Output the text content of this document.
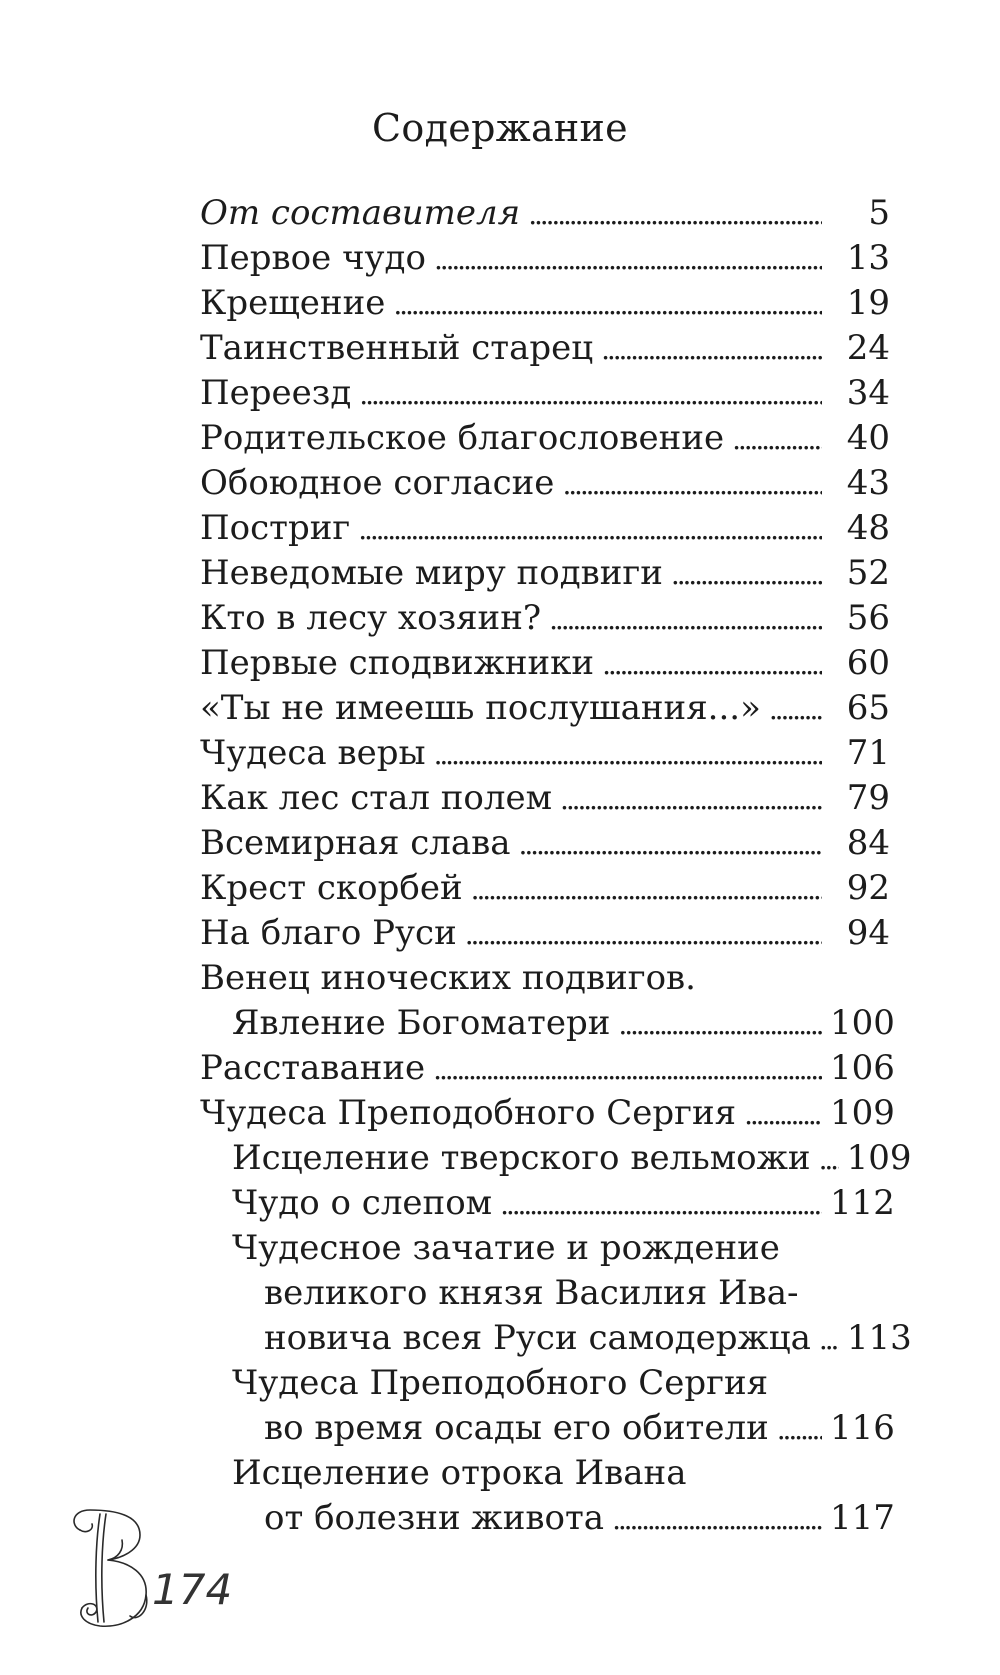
Содержание
От составителя . . .	5
Первое чудо . . .	13
Крещение . . .	19
Таинственный старец . . .	24
Переезд . . .	34
Родительское благословение . . .	40
Обоюдное согласие . . .	43
Постриг . . .	48
Неведомые миру подвиги . . .	52
Кто в лесу хозяин? . . .	56
Первые сподвижники . . .	60
«Ты не имеешь послушания...» . . .	65
Чудеса веры . . .	71
Как лес стал полем . . .	79
Всемирная слава . . .	84
Крест скорбей . . .	92
На благо Руси . . .	94
Венец иноческих подвигов.
Явление Богоматери . . .	100
Расставание . . .	106
Чудеса Преподобного Сергия . . .	109
Исцеление тверского вельможи . . . 109
Чудо о слепом . . .	112
Чудесное зачатие и рождение
великого князя Василия Ива-
новича всея Руси самодержца . . . 113
Чудеса Преподобного Сергия
во время осады его обители . . . 116
Исцеление отрока Ивана
от болезни живота . . .	117
174
